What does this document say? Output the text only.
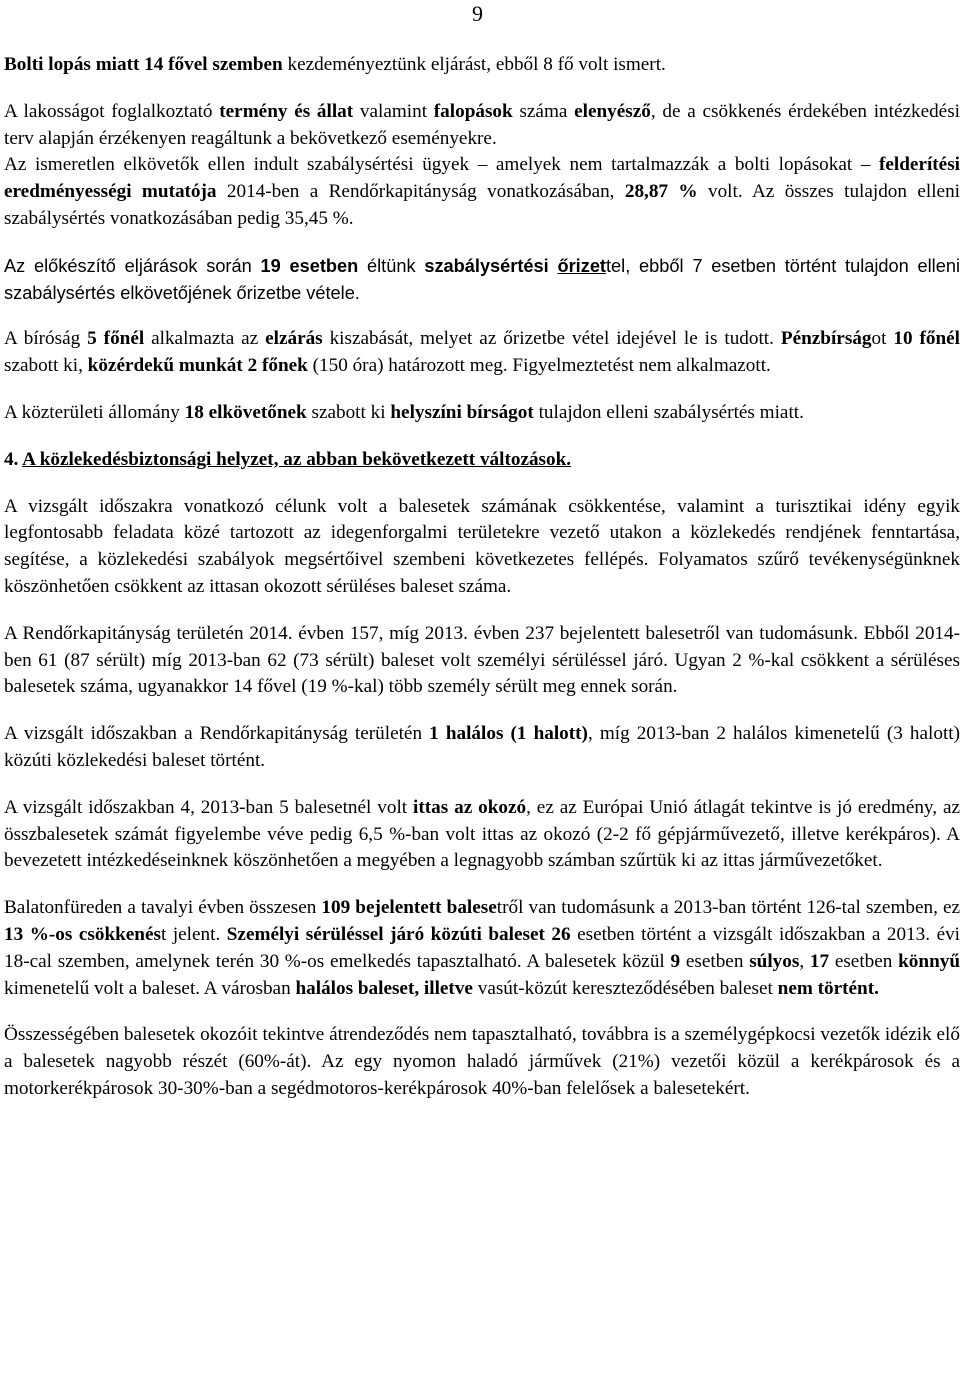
9

Bolti lopás miatt 14 fővel szemben kezdeményeztünk eljárást, ebből 8 fő volt ismert.

A lakosságot foglalkoztató termény és állat valamint falopások száma elenyésző, de a csökkenés érdekében intézkedési terv alapján érzékenyen reagáltunk a bekövetkező eseményekre.

Az ismeretlen elkövetők ellen indult szabálysértési ügyek – amelyek nem tartalmazzák a bolti lopásokat – felderítési eredményességi mutatója 2014-ben a Rendőrkapitányság vonatkozásában, 28,87 % volt. Az összes tulajdon elleni szabálysértés vonatkozásában pedig 35,45 %.

Az előkészítő eljárások során 19 esetben éltünk szabálysértési őrizettel, ebből 7 esetben történt tulajdon elleni szabálysértés elkövetőjének őrizetbe vétele.

A bíróság 5 főnél alkalmazta az elzárás kiszabását, melyet az őrizetbe vétel idejével le is tudott. Pénzbírságot 10 főnél szabott ki, közérdekű munkát 2 főnek (150 óra) határozott meg. Figyelmeztetést nem alkalmazott.

A közterületi állomány 18 elkövetőnek szabott ki helyszíni bírságot tulajdon elleni szabálysértés miatt.

4. A közlekedésbiztonsági helyzet, az abban bekövetkezett változások.

A vizsgált időszakra vonatkozó célunk volt a balesetek számának csökkentése, valamint a turisztikai idény egyik legfontosabb feladata közé tartozott az idegenforgalmi területekre vezető utakon a közlekedés rendjének fenntartása, segítése, a közlekedési szabályok megsértőivel szembeni következetes fellépés. Folyamatos szűrő tevékenységünknek köszönhetően csökkent az ittasan okozott sérüléses baleset száma.

A Rendőrkapitányság területén 2014. évben 157, míg 2013. évben 237 bejelentett balesetről van tudomásunk. Ebből 2014-ben 61 (87 sérült) míg 2013-ban 62 (73 sérült) baleset volt személyi sérüléssel járó. Ugyan 2 %-kal csökkent a sérüléses balesetek száma, ugyanakkor 14 fővel (19 %-kal) több személy sérült meg ennek során.

A vizsgált időszakban a Rendőrkapitányság területén 1 halálos (1 halott), míg 2013-ban 2 halálos kimenetelű (3 halott) közúti közlekedési baleset történt.

A vizsgált időszakban 4, 2013-ban 5 balesetnél volt ittas az okozó, ez az Európai Unió átlagát tekintve is jó eredmény, az összbalesetek számát figyelembe véve pedig 6,5 %-ban volt ittas az okozó (2-2 fő gépjárművezető, illetve kerékpáros). A bevezetett intézkedéseinknek köszönhetően a megyében a legnagyobb számban szűrtük ki az ittas járművezetőket.

Balatonfüreden a tavalyi évben összesen 109 bejelentett balesetről van tudomásunk a 2013-ban történt 126-tal szemben, ez 13 %-os csökkenést jelent. Személyi sérüléssel járó közúti baleset 26 esetben történt a vizsgált időszakban a 2013. évi 18-cal szemben, amelynek terén 30 %-os emelkedés tapasztalható. A balesetek közül 9 esetben súlyos, 17 esetben könnyű kimenetelű volt a baleset. A városban halálos baleset, illetve vasút-közút kereszteződésében baleset nem történt.

Összességében balesetek okozóit tekintve átrendeződés nem tapasztalható, továbbra is a személygépkocsi vezetők idézik elő a balesetek nagyobb részét (60%-át). Az egy nyomon haladó járművek (21%) vezetői közül a kerékpárosok és a motorkerékpárosok 30-30%-ban a segédmotoros-kerékpárosok 40%-ban felelősek a balesetekért.
